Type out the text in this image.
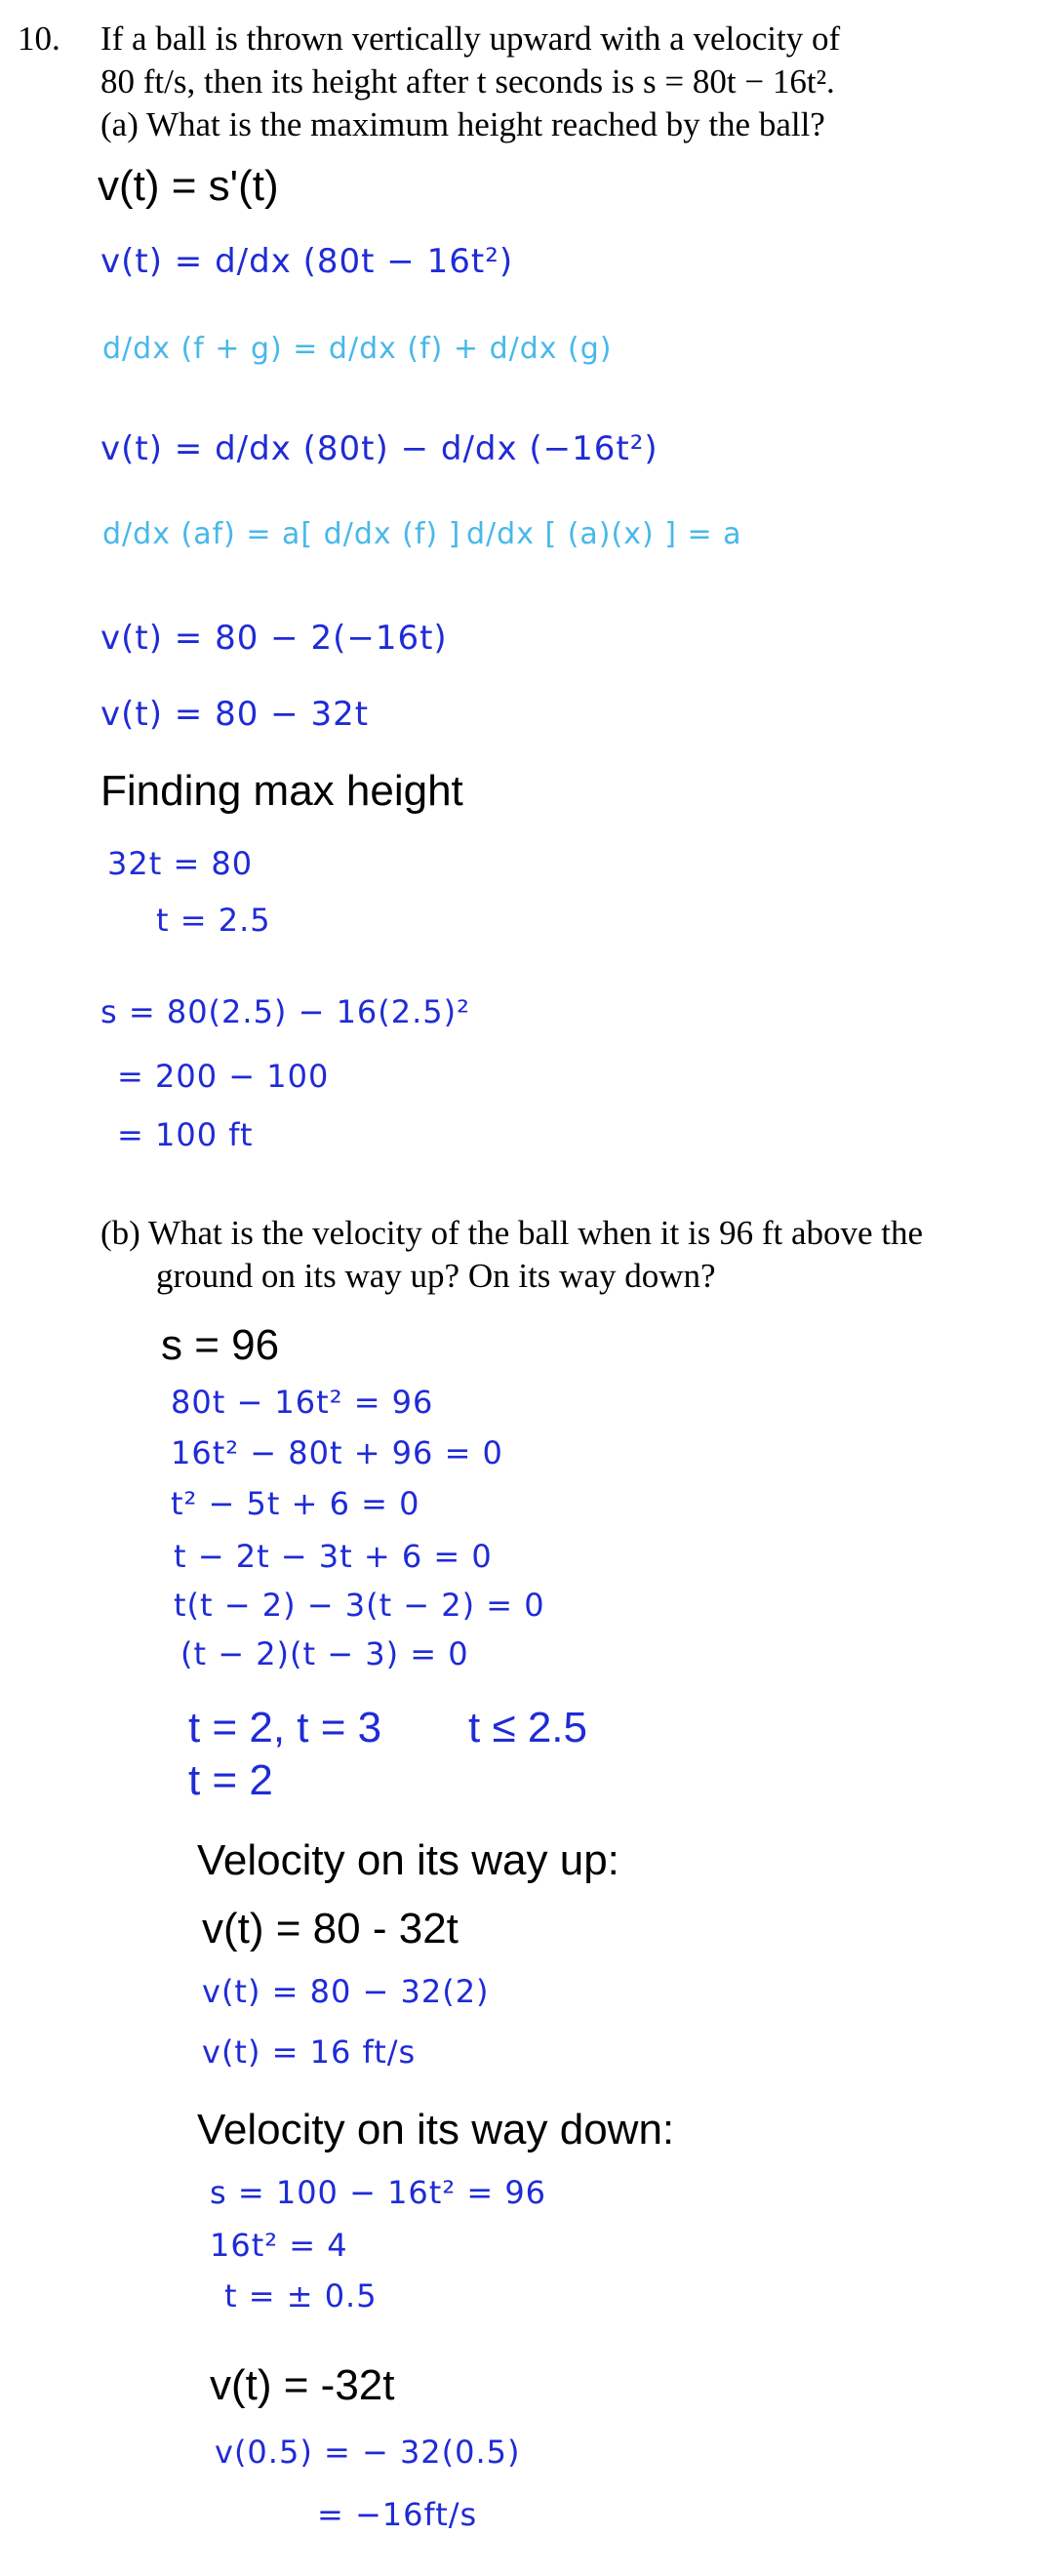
10. If a ball is thrown vertically upward with a velocity of
80 ft/s, then its height after t seconds is s = 80t − 16t².
(a) What is the maximum height reached by the ball?
v(t) = s'(t)
v(t) = d/dx (80t − 16t²)
d/dx (f + g) = d/dx (f) + d/dx (g)
v(t) = d/dx (80t) − d/dx (−16t²)
d/dx (af) = a[ d/dx (f) ] d/dx [ (a)(x) ] = a
v(t) = 80 − 2(−16t)
v(t) = 80 − 32t
Finding max height
32t = 80
t = 2.5
s = 80(2.5) − 16(2.5)²
= 200 − 100
= 100 ft
(b) What is the velocity of the ball when it is 96 ft above the
ground on its way up? On its way down?
s = 96
80t − 16t² = 96
16t² − 80t + 96 = 0
t² − 5t + 6 = 0
t − 2t − 3t + 6 = 0
t(t − 2) − 3(t − 2) = 0
(t − 2)(t − 3) = 0
t = 2, t = 3 t ≤ 2.5
t = 2
Velocity on its way up:
v(t) = 80 - 32t
v(t) = 80 − 32(2)
v(t) = 16 ft/s
Velocity on its way down:
s = 100 − 16t² = 96
16t² = 4
t = ± 0.5
v(t) = -32t
v(0.5) = − 32(0.5)
= −16ft/s
